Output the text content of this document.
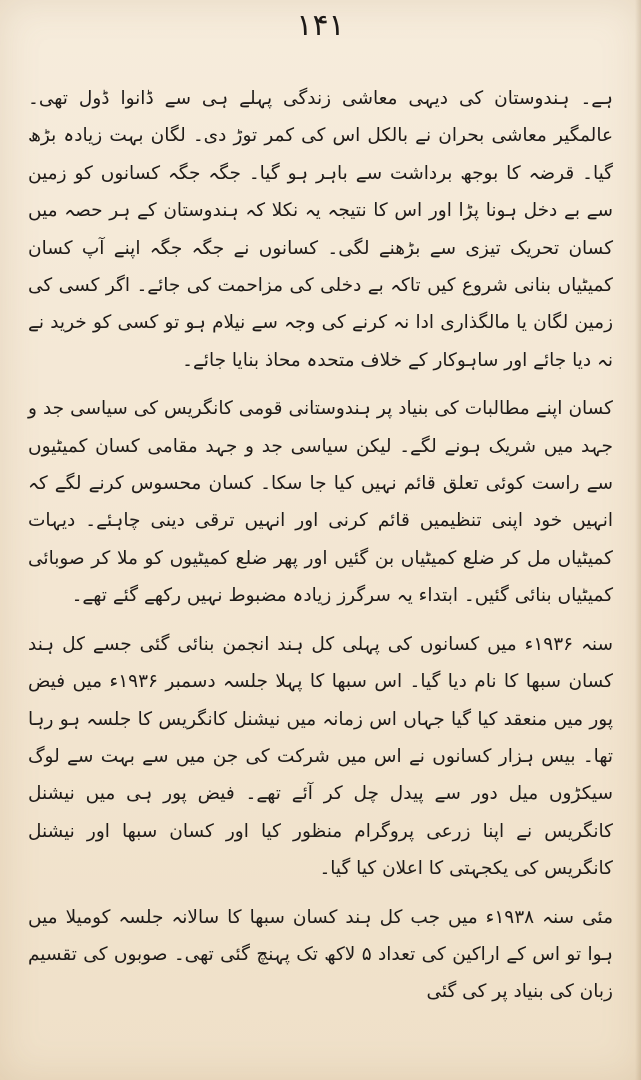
۱۴۱

ہے۔ ہندوستان کی دیہی معاشی زندگی پہلے ہی سے ڈانوا ڈول تھی۔ عالمگیر معاشی بحران نے بالکل اس کی کمر توڑ دی۔ لگان بہت زیادہ بڑھ گیا۔ قرضہ کا بوجھ برداشت سے باہر ہو گیا۔ جگہ جگہ کسانوں کو زمین سے بے دخل ہونا پڑا اور اس کا نتیجہ یہ نکلا کہ ہندوستان کے ہر حصہ میں کسان تحریک تیزی سے بڑھنے لگی۔ کسانوں نے جگہ جگہ اپنے آپ کسان کمیٹیاں بنانی شروع کیں تاکہ بے دخلی کی مزاحمت کی جائے۔ اگر کسی کی زمین لگان یا مالگذاری ادا نہ کرنے کی وجہ سے نیلام ہو تو کسی کو خرید نے نہ دیا جائے اور ساہوکار کے خلاف متحدہ محاذ بنایا جائے۔

کسان اپنے مطالبات کی بنیاد پر ہندوستانی قومی کانگریس کی سیاسی جد و جہد میں شریک ہونے لگے۔ لیکن سیاسی جد و جہد مقامی کسان کمیٹیوں سے راست کوئی تعلق قائم نہیں کیا جا سکا۔ کسان محسوس کرنے لگے کہ انہیں خود اپنی تنظیمیں قائم کرنی اور انہیں ترقی دینی چاہئے۔ دیہات کمیٹیاں مل کر ضلع کمیٹیاں بن گئیں اور پھر ضلع کمیٹیوں کو ملا کر صوبائی کمیٹیاں بنائی گئیں۔ ابتداء یہ سرگرز زیادہ مضبوط نہیں رکھے گئے تھے۔

سنہ ۱۹۳۶ء میں کسانوں کی پہلی کل ہند انجمن بنائی گئی جسے کل ہند کسان سبھا کا نام دیا گیا۔ اس سبھا کا پہلا جلسہ دسمبر ۱۹۳۶ء میں فیض پور میں منعقد کیا گیا جہاں اس زمانہ میں نیشنل کانگریس کا جلسہ ہو رہا تھا۔ بیس ہزار کسانوں نے اس میں شرکت کی جن میں سے بہت سے لوگ سیکڑوں میل دور سے پیدل چل کر آئے تھے۔ فیض پور ہی میں نیشنل کانگریس نے اپنا زرعی پروگرام منظور کیا اور کسان سبھا اور نیشنل کانگریس کی یکجہتی کا اعلان کیا گیا۔

مئی سنہ ۱۹۳۸ء میں جب کل ہند کسان سبھا کا سالانہ جلسہ کومیلا میں ہوا تو اس کے اراکین کی تعداد ۵ لاکھ تک پہنچ گئی تھی۔ صوبوں کی تقسیم زبان کی بنیاد پر کی گئی
